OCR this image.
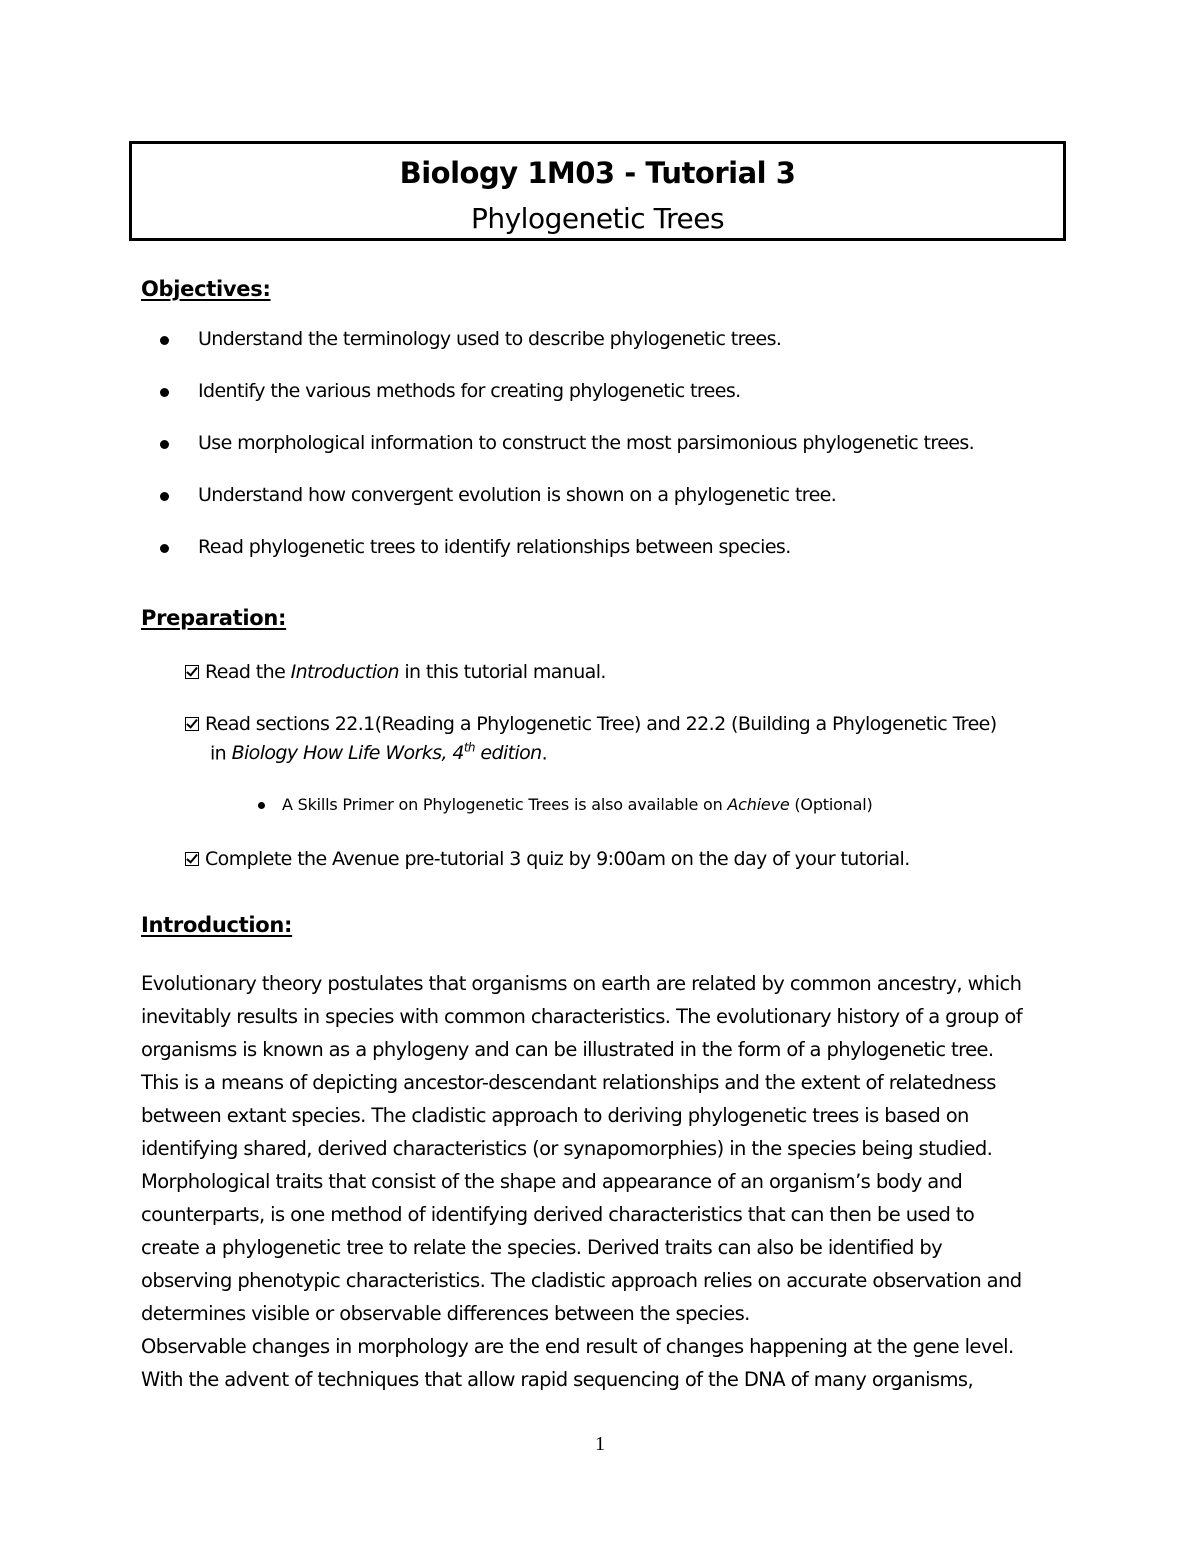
Biology 1M03 - Tutorial 3
Phylogenetic Trees
Objectives:
Understand the terminology used to describe phylogenetic trees.
Identify the various methods for creating phylogenetic trees.
Use morphological information to construct the most parsimonious phylogenetic trees.
Understand how convergent evolution is shown on a phylogenetic tree.
Read phylogenetic trees to identify relationships between species.
Preparation:
Read the Introduction in this tutorial manual.
Read sections 22.1(Reading a Phylogenetic Tree) and 22.2 (Building a Phylogenetic Tree)
in Biology How Life Works, 4th edition.
A Skills Primer on Phylogenetic Trees is also available on Achieve (Optional)
Complete the Avenue pre-tutorial 3 quiz by 9:00am on the day of your tutorial.
Introduction:
Evolutionary theory postulates that organisms on earth are related by common ancestry, which
inevitably results in species with common characteristics. The evolutionary history of a group of
organisms is known as a phylogeny and can be illustrated in the form of a phylogenetic tree.
This is a means of depicting ancestor-descendant relationships and the extent of relatedness
between extant species. The cladistic approach to deriving phylogenetic trees is based on
identifying shared, derived characteristics (or synapomorphies) in the species being studied.
Morphological traits that consist of the shape and appearance of an organism’s body and
counterparts, is one method of identifying derived characteristics that can then be used to
create a phylogenetic tree to relate the species. Derived traits can also be identified by
observing phenotypic characteristics. The cladistic approach relies on accurate observation and
determines visible or observable differences between the species.
Observable changes in morphology are the end result of changes happening at the gene level.
With the advent of techniques that allow rapid sequencing of the DNA of many organisms,
1
